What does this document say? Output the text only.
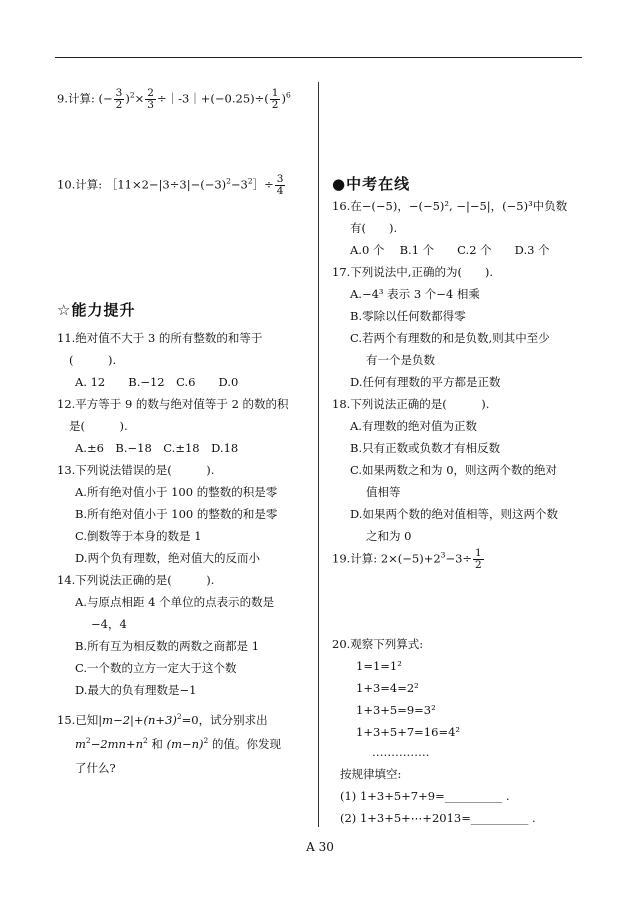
9.计算: (− $\frac{3}{2} )^2\times \frac{2}{3}$ ÷｜-3｜+(−0.25)÷( $\frac{1}{2} )^6$
10.计算: $[11\times 2-|3\div 3|-(-3)^2-3^2]\div \frac{3}{4}$
☆能力提升
11.绝对值不大于 3 的所有整数的和等于
(　　　).
A. 12　　B.−12　C.6　　D.0
12.平方等于 9 的数与绝对值等于 2 的数的积
是(　　　).
A.±6　B.−18　C.±18　D.18
13.下列说法错误的是(　　　).
A.所有绝对值小于 100 的整数的积是零
B.所有绝对值小于 100 的整数的和是零
C.倒数等于本身的数是 1
D.两个负有理数，绝对值大的反而小
14.下列说法正确的是(　　　).
A.与原点相距 4 个单位的点表示的数是
−4，4
B.所有互为相反数的两数之商都是 1
C.一个数的立方一定大于这个数
D.最大的负有理数是−1
15.已知$|m-2|+(n+3)^2=0$，试分别求出
$m^2-2mn+n^2$ 和 $(m-n)^2$ 的值。你发现
了什么?
●中考在线
16.在−(−5)，−(−5)², −|−5|，(−5)³中负数
有(　　).
A.0 个　 B.1 个　　C.2 个　　D.3 个
17.下列说法中,正确的为(　　).
A.−4³ 表示 3 个−4 相乘
B.零除以任何数都得零
C.若两个有理数的和是负数,则其中至少
有一个是负数
D.任何有理数的平方都是正数
18.下列说法正确的是(　　　).
A.有理数的绝对值为正数
B.只有正数或负数才有相反数
C.如果两数之和为 0，则这两个数的绝对
值相等
D.如果两个数的绝对值相等，则这两个数
之和为 0
19.计算: $2\times(-5)+2^3-3\div \frac{1}{2}$
20.观察下列算式:
1=1=1²
1+3=4=2²
1+3+5=9=3²
1+3+5+7=16=4²
……………
按规律填空:
(1) 1+3+5+7+9=__________ .
(2) 1+3+5+⋯+2013=__________ .
A 30
